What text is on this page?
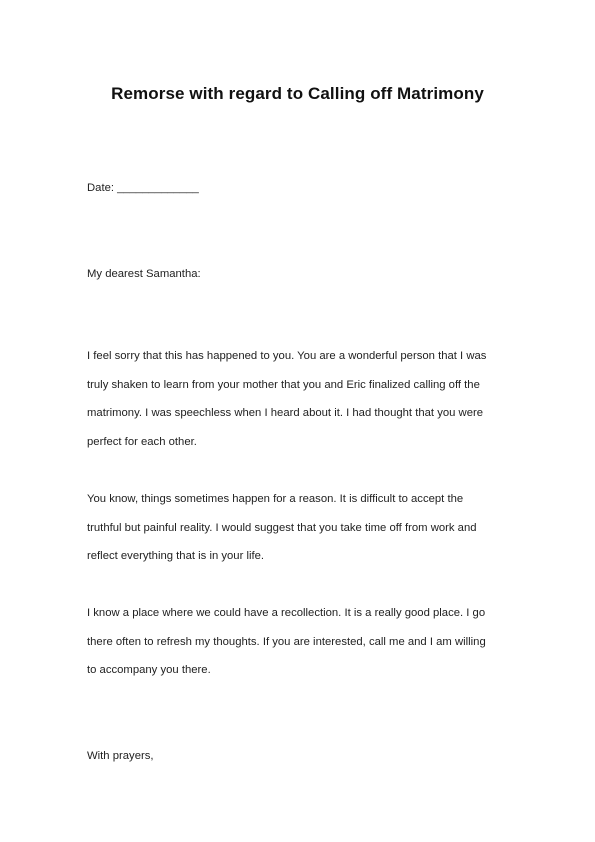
Remorse with regard to Calling off Matrimony
Date: _____________
My dearest Samantha:
I feel sorry that this has happened to you. You are a wonderful person that I was
truly shaken to learn from your mother that you and Eric finalized calling off the
matrimony. I was speechless when I heard about it. I had thought that you were
perfect for each other.
You know, things sometimes happen for a reason. It is difficult to accept the
truthful but painful reality. I would suggest that you take time off from work and
reflect everything that is in your life.
I know a place where we could have a recollection. It is a really good place. I go
there often to refresh my thoughts. If you are interested, call me and I am willing
to accompany you there.
With prayers,
